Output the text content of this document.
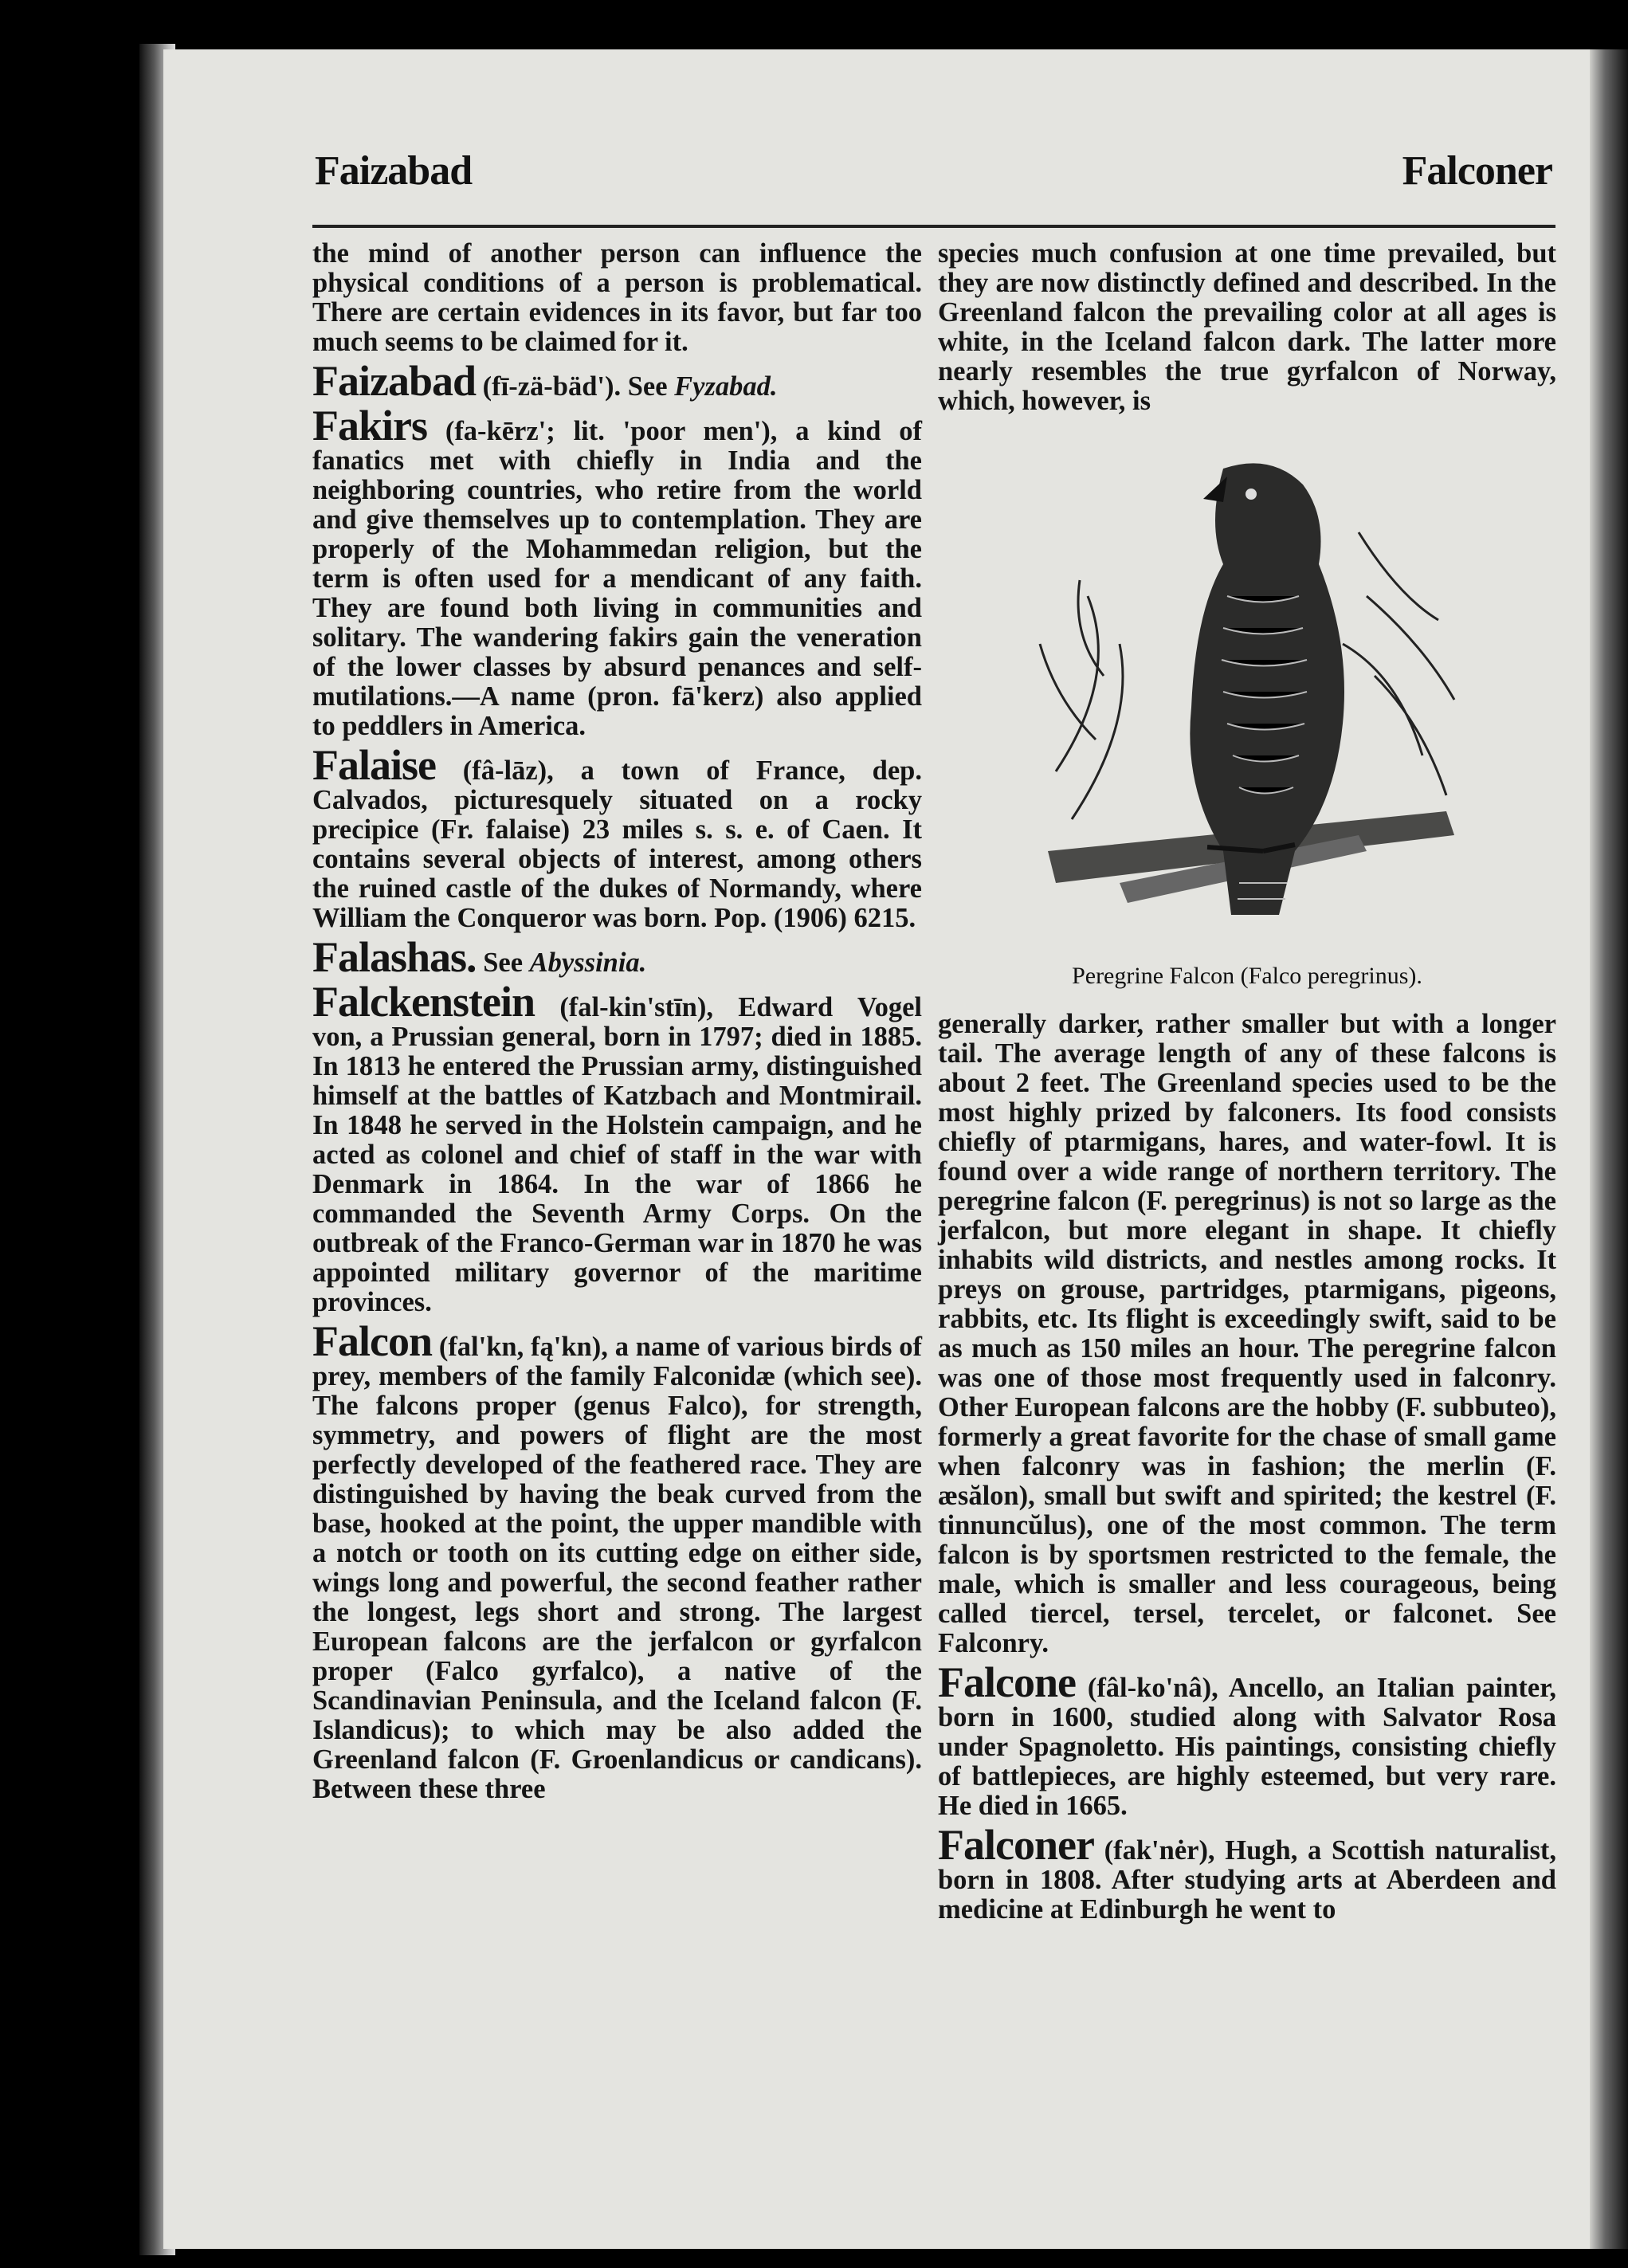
Faizabad	Falconer

the mind of another person can influence the physical conditions of a person is problematical. There are certain evidences in its favor, but far too much seems to be claimed for it.

Faizabad (fī-zä-bäd'). See Fyzabad.

Fakirs (fa-kērz'; lit. 'poor men'), a kind of fanatics met with chiefly in India and the neighboring countries, who retire from the world and give themselves up to contemplation. They are properly of the Mohammedan religion, but the term is often used for a mendicant of any faith. They are found both living in communities and solitary. The wandering fakirs gain the veneration of the lower classes by absurd penances and self-mutilations.—A name (pron. fā'kerz) also applied to peddlers in America.

Falaise (fâ-lāz), a town of France, dep. Calvados, picturesquely situated on a rocky precipice (Fr. falaise) 23 miles s. s. e. of Caen. It contains several objects of interest, among others the ruined castle of the dukes of Normandy, where William the Conqueror was born. Pop. (1906) 6215.

Falashas. See Abyssinia.

Falckenstein (fal-kin'stīn), Edward Vogel von, a Prussian general, born in 1797; died in 1885. In 1813 he entered the Prussian army, distinguished himself at the battles of Katzbach and Montmirail. In 1848 he served in the Holstein campaign, and he acted as colonel and chief of staff in the war with Denmark in 1864. In the war of 1866 he commanded the Seventh Army Corps. On the outbreak of the Franco-German war in 1870 he was appointed military governor of the maritime provinces.

Falcon (fal'kn, fą'kn), a name of various birds of prey, members of the family Falconidæ (which see). The falcons proper (genus Falco), for strength, symmetry, and powers of flight are the most perfectly developed of the feathered race. They are distinguished by having the beak curved from the base, hooked at the point, the upper mandible with a notch or tooth on its cutting edge on either side, wings long and powerful, the second feather rather the longest, legs short and strong. The largest European falcons are the jerfalcon or gyrfalcon proper (Falco gyrfalco), a native of the Scandinavian Peninsula, and the Iceland falcon (F. Islandicus); to which may be also added the Greenland falcon (F. Groenlandicus or candicans). Between these three

species much confusion at one time prevailed, but they are now distinctly defined and described. In the Greenland falcon the prevailing color at all ages is white, in the Iceland falcon dark. The latter more nearly resembles the true gyrfalcon of Norway, which, however, is

Peregrine Falcon (Falco peregrinus).

generally darker, rather smaller but with a longer tail. The average length of any of these falcons is about 2 feet. The Greenland species used to be the most highly prized by falconers. Its food consists chiefly of ptarmigans, hares, and water-fowl. It is found over a wide range of northern territory. The peregrine falcon (F. peregrinus) is not so large as the jerfalcon, but more elegant in shape. It chiefly inhabits wild districts, and nestles among rocks. It preys on grouse, partridges, ptarmigans, pigeons, rabbits, etc. Its flight is exceedingly swift, said to be as much as 150 miles an hour. The peregrine falcon was one of those most frequently used in falconry. Other European falcons are the hobby (F. subbuteo), formerly a great favorite for the chase of small game when falconry was in fashion; the merlin (F. æsălon), small but swift and spirited; the kestrel (F. tinnuncŭlus), one of the most common. The term falcon is by sportsmen restricted to the female, the male, which is smaller and less courageous, being called tiercel, tersel, tercelet, or falconet. See Falconry.

Falcone (fâl-ko'nâ), Ancello, an Italian painter, born in 1600, studied along with Salvator Rosa under Spagnoletto. His paintings, consisting chiefly of battlepieces, are highly esteemed, but very rare. He died in 1665.

Falconer (fak'nėr), Hugh, a Scottish naturalist, born in 1808. After studying arts at Aberdeen and medicine at Edinburgh he went to
